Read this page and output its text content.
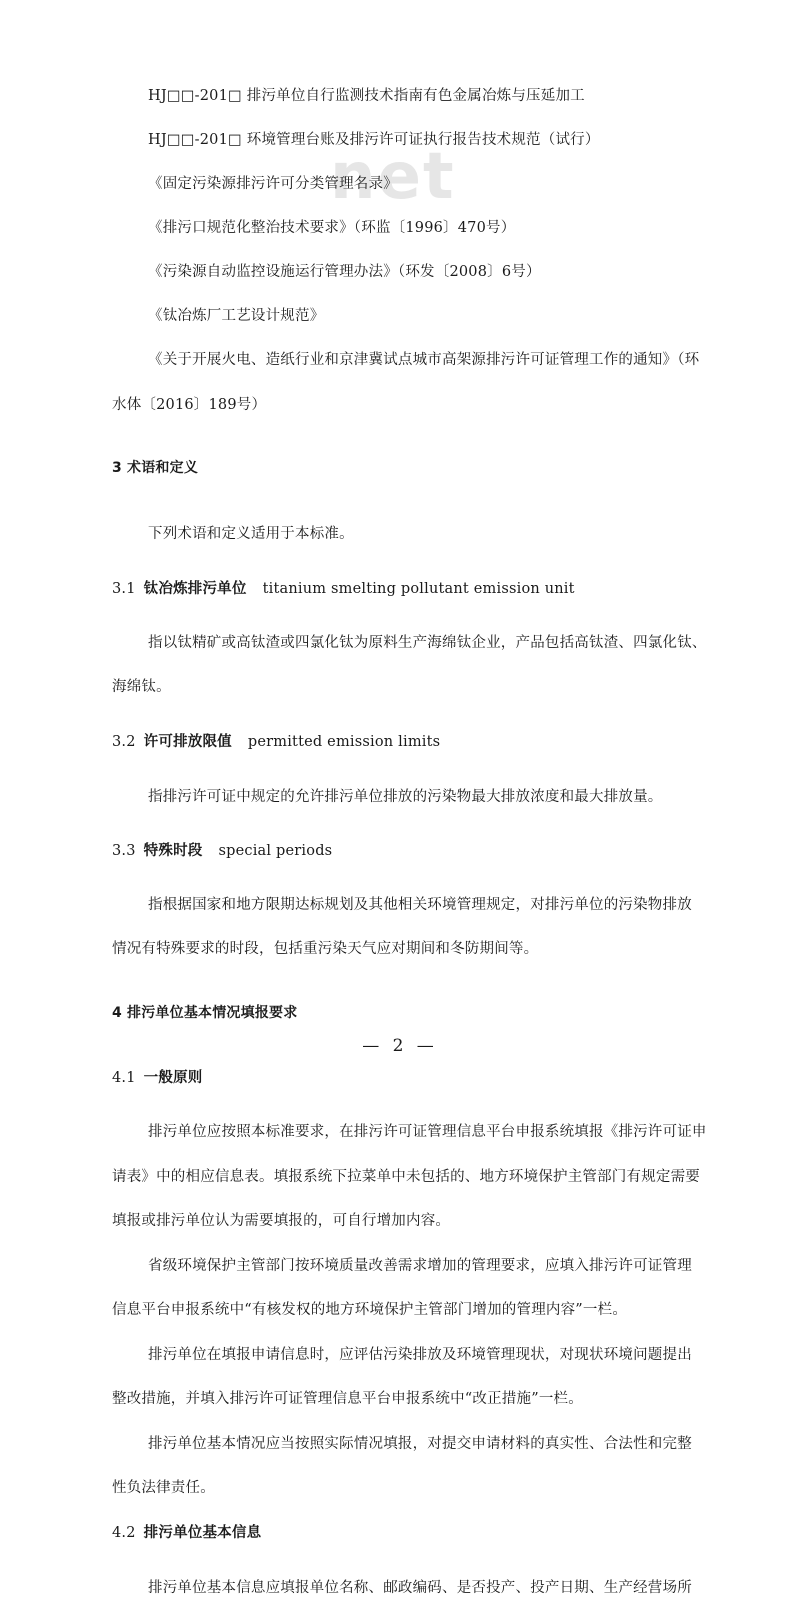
net
HJ□□-201□ 排污单位自行监测技术指南有色金属冶炼与压延加工
HJ□□-201□ 环境管理台账及排污许可证执行报告技术规范（试行）
《固定污染源排污许可分类管理名录》
《排污口规范化整治技术要求》（环监〔1996〕470号）
《污染源自动监控设施运行管理办法》（环发〔2008〕6号）
《钛冶炼厂工艺设计规范》
《关于开展火电、造纸行业和京津冀试点城市高架源排污许可证管理工作的通知》（环
水体〔2016〕189号）
3 术语和定义
下列术语和定义适用于本标准。
3.1 钛冶炼排污单位 titanium smelting pollutant emission unit
指以钛精矿或高钛渣或四氯化钛为原料生产海绵钛企业，产品包括高钛渣、四氯化钛、
海绵钛。
3.2 许可排放限值 permitted emission limits
指排污许可证中规定的允许排污单位排放的污染物最大排放浓度和最大排放量。
3.3 特殊时段 special periods
指根据国家和地方限期达标规划及其他相关环境管理规定，对排污单位的污染物排放
情况有特殊要求的时段，包括重污染天气应对期间和冬防期间等。
4 排污单位基本情况填报要求
4.1 一般原则
排污单位应按照本标准要求，在排污许可证管理信息平台申报系统填报《排污许可证申
请表》中的相应信息表。填报系统下拉菜单中未包括的、地方环境保护主管部门有规定需要
填报或排污单位认为需要填报的，可自行增加内容。
省级环境保护主管部门按环境质量改善需求增加的管理要求，应填入排污许可证管理
信息平台申报系统中“有核发权的地方环境保护主管部门增加的管理内容”一栏。
排污单位在填报申请信息时，应评估污染排放及环境管理现状，对现状环境问题提出
整改措施，并填入排污许可证管理信息平台申报系统中“改正措施”一栏。
排污单位基本情况应当按照实际情况填报，对提交申请材料的真实性、合法性和完整
性负法律责任。
4.2 排污单位基本信息
排污单位基本信息应填报单位名称、邮政编码、是否投产、投产日期、生产经营场所
— 2 —
